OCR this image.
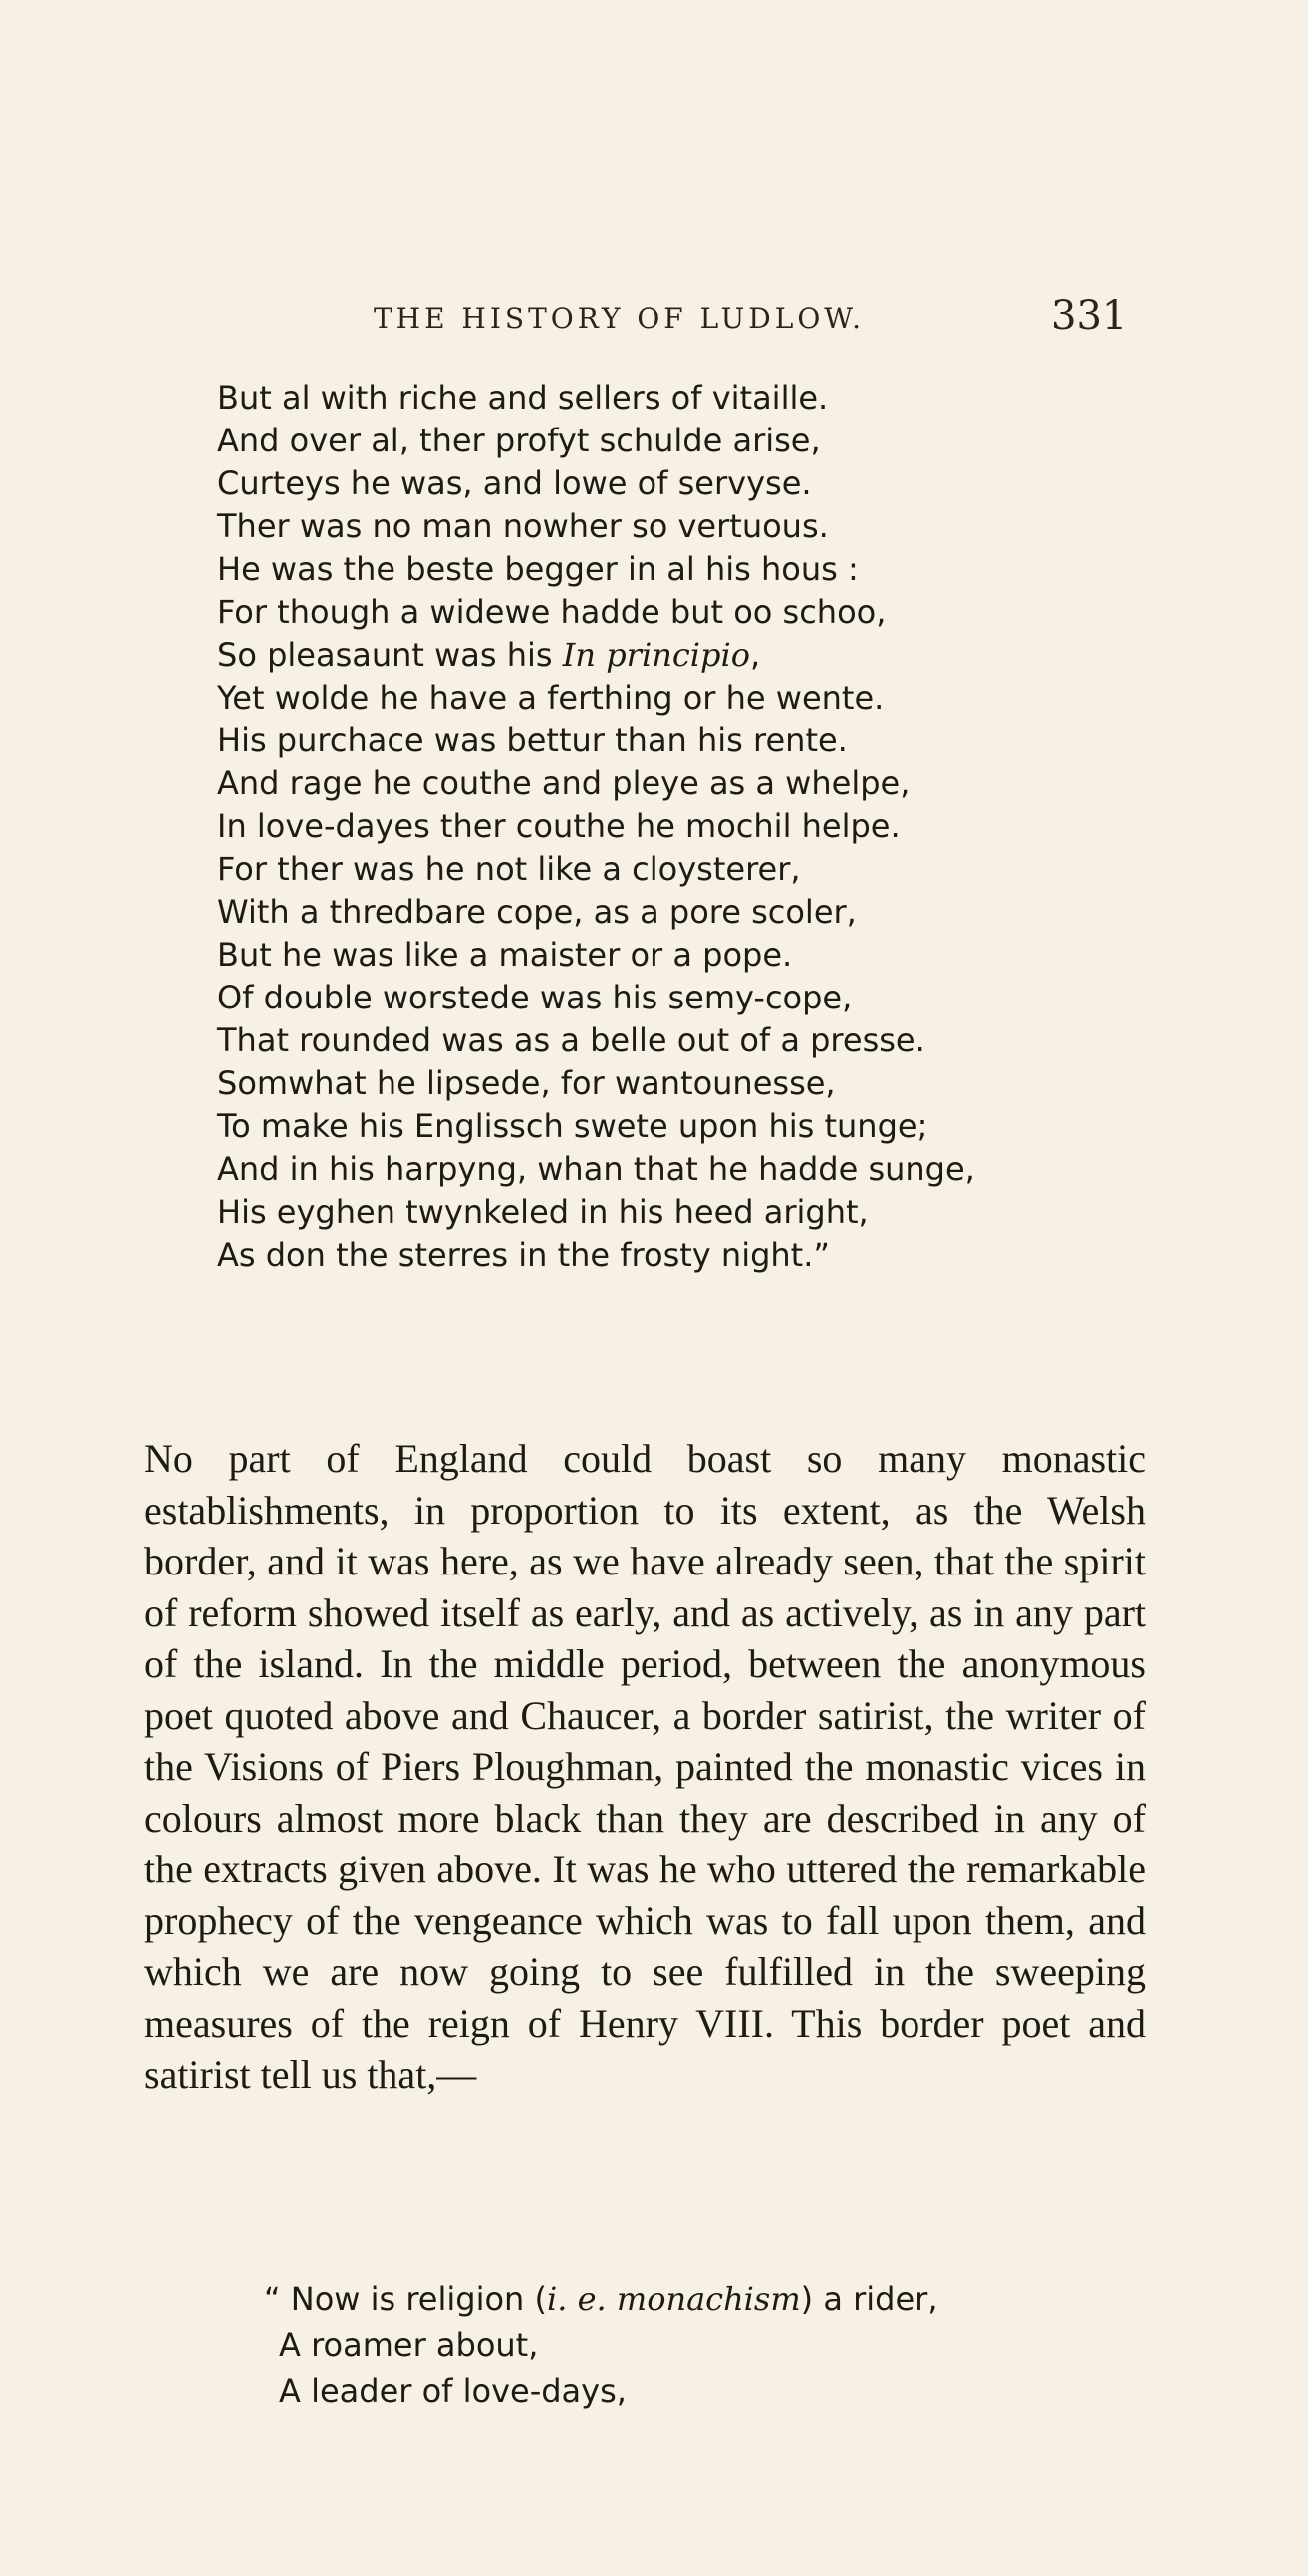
THE HISTORY OF LUDLOW.	331
But al with riche and sellers of vitaille.
And over al, ther profyt schulde arise,
Curteys he was, and lowe of servyse.
Ther was no man nowher so vertuous.
He was the beste begger in al his hous :
For though a widewe hadde but oo schoo,
So pleasaunt was his In principio,
Yet wolde he have a ferthing or he wente.
His purchace was bettur than his rente.
And rage he couthe and pleye as a whelpe,
In love-dayes ther couthe he mochil helpe.
For ther was he not like a cloysterer,
With a thredbare cope, as a pore scoler,
But he was like a maister or a pope.
Of double worstede was his semy-cope,
That rounded was as a belle out of a presse.
Somwhat he lipsede, for wantounesse,
To make his Englissch swete upon his tunge;
And in his harpyng, whan that he hadde sunge,
His eyghen twynkeled in his heed aright,
As don the sterres in the frosty night.”

No part of England could boast so many monastic establishments, in proportion to its extent, as the Welsh border, and it was here, as we have already seen, that the spirit of reform showed itself as early, and as actively, as in any part of the island. In the middle period, between the anonymous poet quoted above and Chaucer, a border satirist, the writer of the Visions of Piers Ploughman, painted the monastic vices in colours almost more black than they are described in any of the extracts given above. It was he who uttered the remarkable prophecy of the vengeance which was to fall upon them, and which we are now going to see fulfilled in the sweeping measures of the reign of Henry VIII. This border poet and satirist tell us that,—

“ Now is religion (i. e. monachism) a rider,
A roamer about,
A leader of love-days,
